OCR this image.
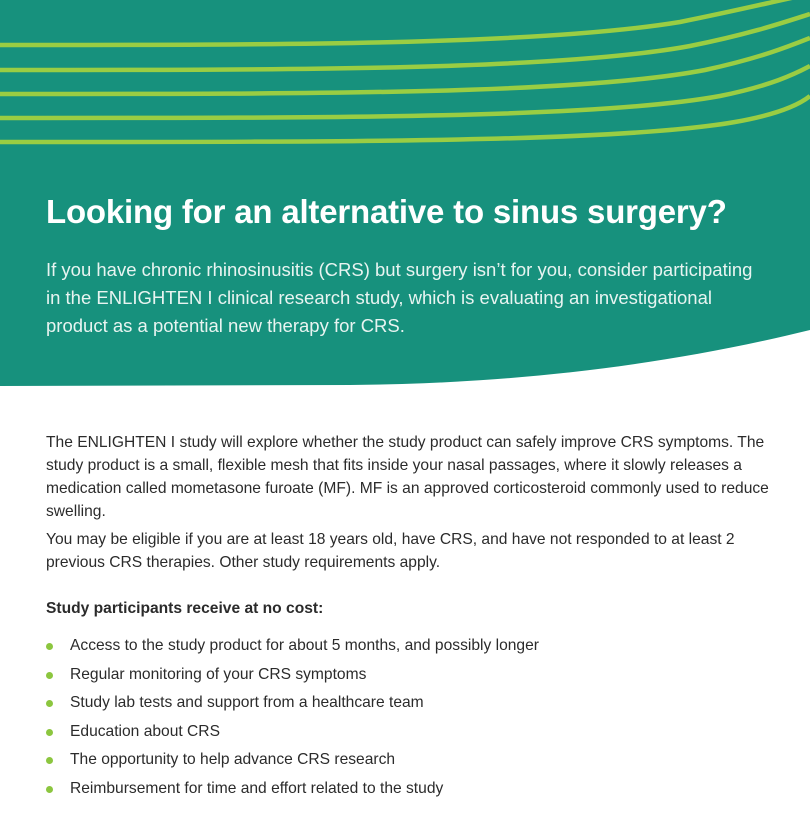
Looking for an alternative to sinus surgery?

If you have chronic rhinosinusitis (CRS) but surgery isn’t for you, consider participating in the ENLIGHTEN I clinical research study, which is evaluating an investigational product as a potential new therapy for CRS.

The ENLIGHTEN I study will explore whether the study product can safely improve CRS symptoms. The study product is a small, flexible mesh that fits inside your nasal passages, where it slowly releases a medication called mometasone furoate (MF). MF is an approved corticosteroid commonly used to reduce swelling.

You may be eligible if you are at least 18 years old, have CRS, and have not responded to at least 2 previous CRS therapies. Other study requirements apply.

Study participants receive at no cost:
Access to the study product for about 5 months, and possibly longer
Regular monitoring of your CRS symptoms
Study lab tests and support from a healthcare team
Education about CRS
The opportunity to help advance CRS research
Reimbursement for time and effort related to the study
